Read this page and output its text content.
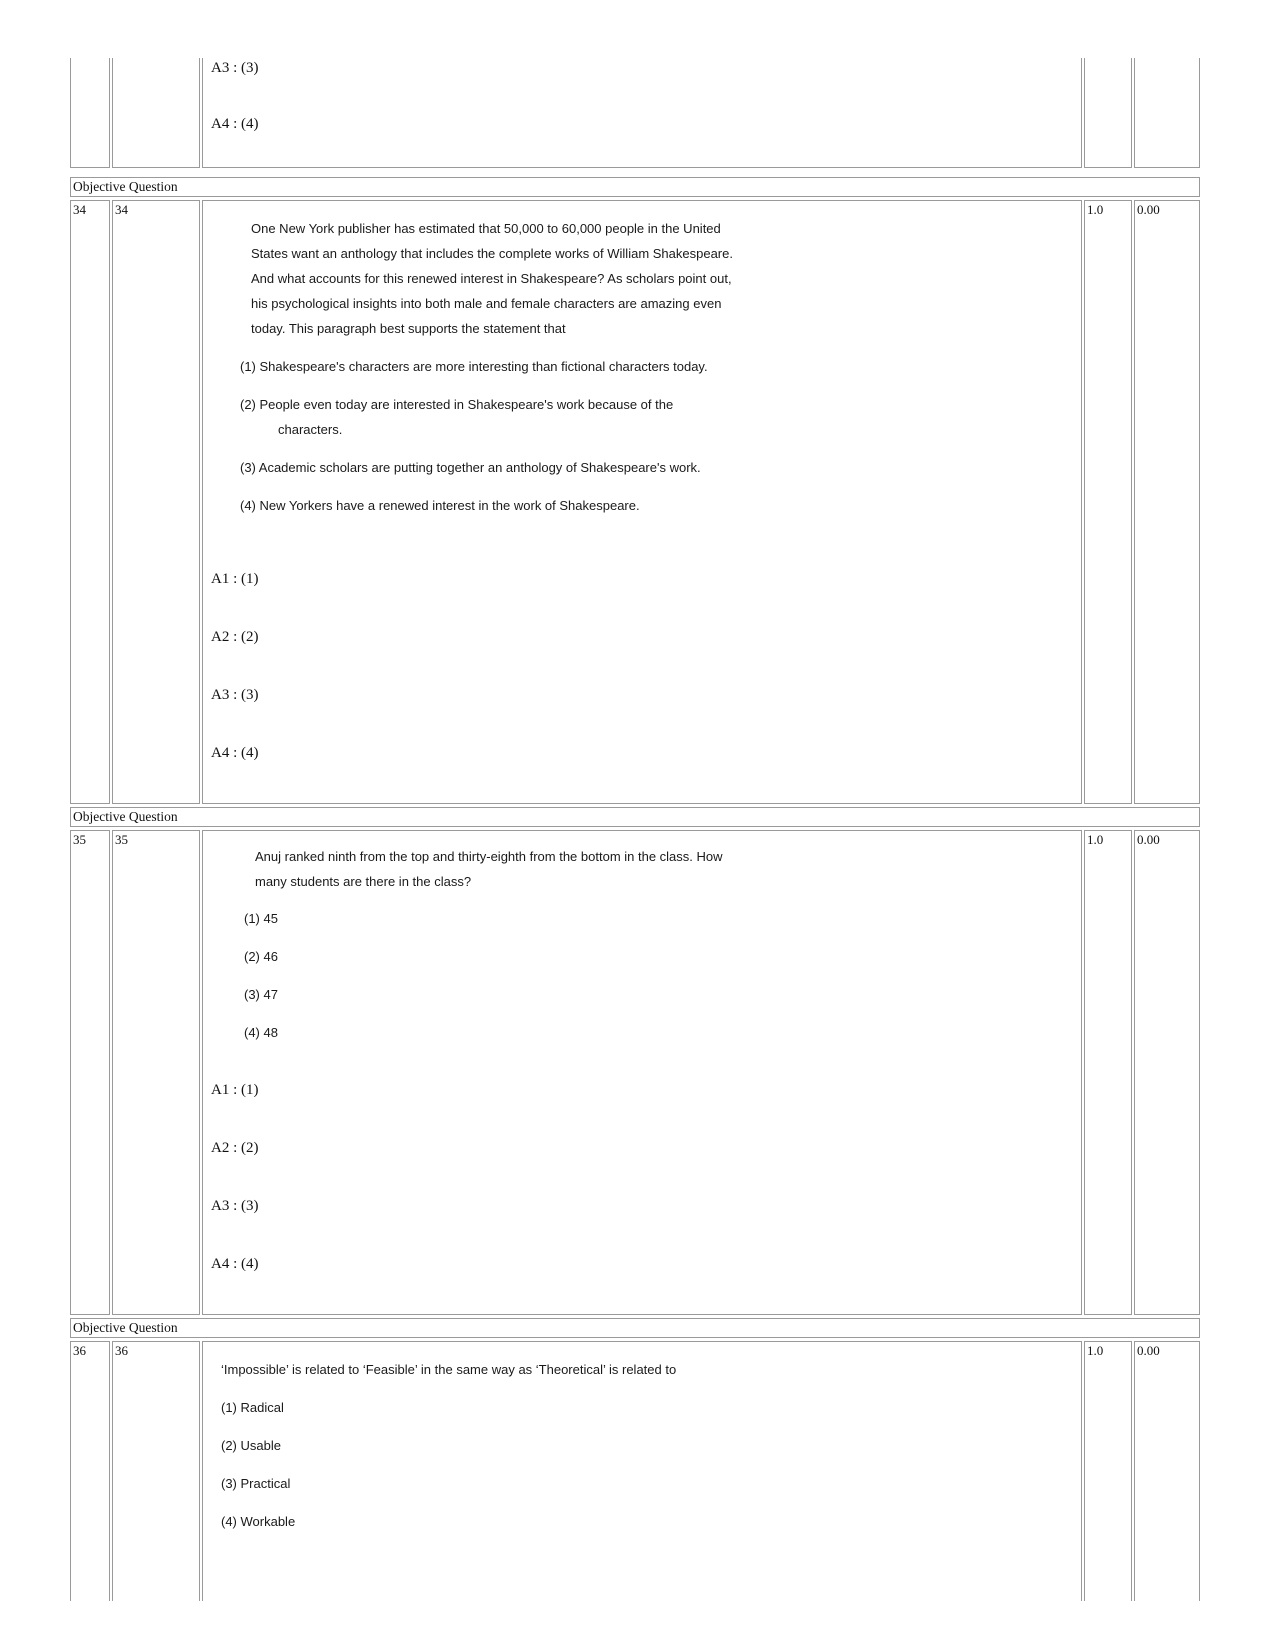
A3 : (3)
A4 : (4)
Objective Question
34 34
One New York publisher has estimated that 50,000 to 60,000 people in the United
States want an anthology that includes the complete works of William Shakespeare.
And what accounts for this renewed interest in Shakespeare? As scholars point out,
his psychological insights into both male and female characters are amazing even
today. This paragraph best supports the statement that
(1) Shakespeare's characters are more interesting than fictional characters today.
(2) People even today are interested in Shakespeare's work because of the
characters.
(3) Academic scholars are putting together an anthology of Shakespeare's work.
(4) New Yorkers have a renewed interest in the work of Shakespeare.
A1 : (1)
A2 : (2)
A3 : (3)
A4 : (4)
1.0	0.00
Objective Question
35 35
Anuj ranked ninth from the top and thirty-eighth from the bottom in the class. How
many students are there in the class?
(1) 45
(2) 46
(3) 47
(4) 48
A1 : (1)
A2 : (2)
A3 : (3)
A4 : (4)
1.0	0.00
Objective Question
36 36
‘Impossible’ is related to ‘Feasible’ in the same way as ‘Theoretical’ is related to
(1) Radical
(2) Usable
(3) Practical
(4) Workable
1.0	0.00
